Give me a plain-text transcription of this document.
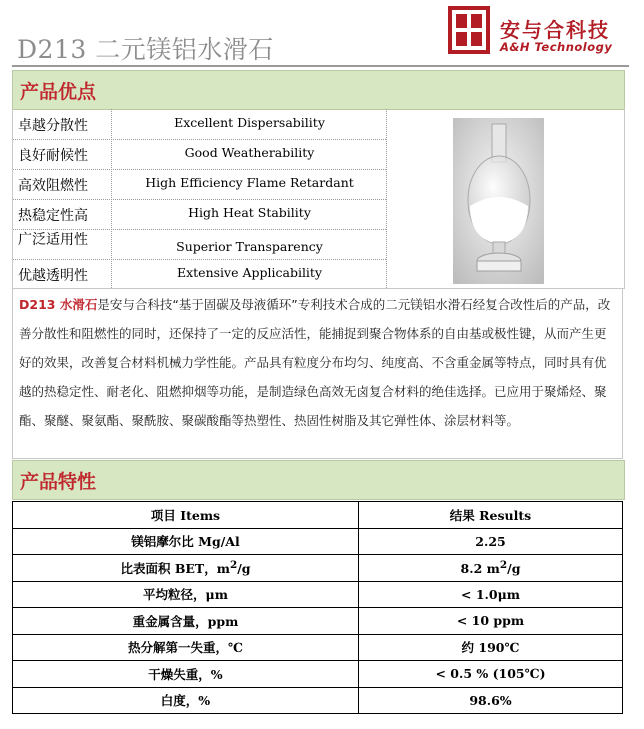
D213 二元镁铝水滑石
安与合科技
A&H Technology
产品优点
卓越分散性	Excellent Dispersability
良好耐候性	Good Weatherability
高效阻燃性	High Efficiency Flame Retardant
热稳定性高	High Heat Stability
广泛适用性	Superior Transparency
优越透明性	Extensive Applicability

D213 水滑石是安与合科技“基于固碳及母液循环”专利技术合成的二元镁铝水滑石经复合改性后的产品，改善分散性和阻燃性的同时，还保持了一定的反应活性，能捕捉到聚合物体系的自由基或极性键，从而产生更好的效果，改善复合材料机械力学性能。产品具有粒度分布均匀、纯度高、不含重金属等特点，同时具有优越的热稳定性、耐老化、阻燃抑烟等功能，是制造绿色高效无卤复合材料的绝佳选择。已应用于聚烯烃、聚酯、聚醚、聚氨酯、聚酰胺、聚碳酸酯等热塑性、热固性树脂及其它弹性体、涂层材料等。

产品特性
项目 Items	结果 Results
镁铝摩尔比 Mg/Al	2.25
比表面积 BET，$m^2/g$	8.2 $m^2/g$
平均粒径，μm	< 1.0μm
重金属含量，ppm	< 10 ppm
热分解第一失重，℃	约 190℃
干燥失重，%	< 0.5 % (105℃)
白度，%	98.6%
